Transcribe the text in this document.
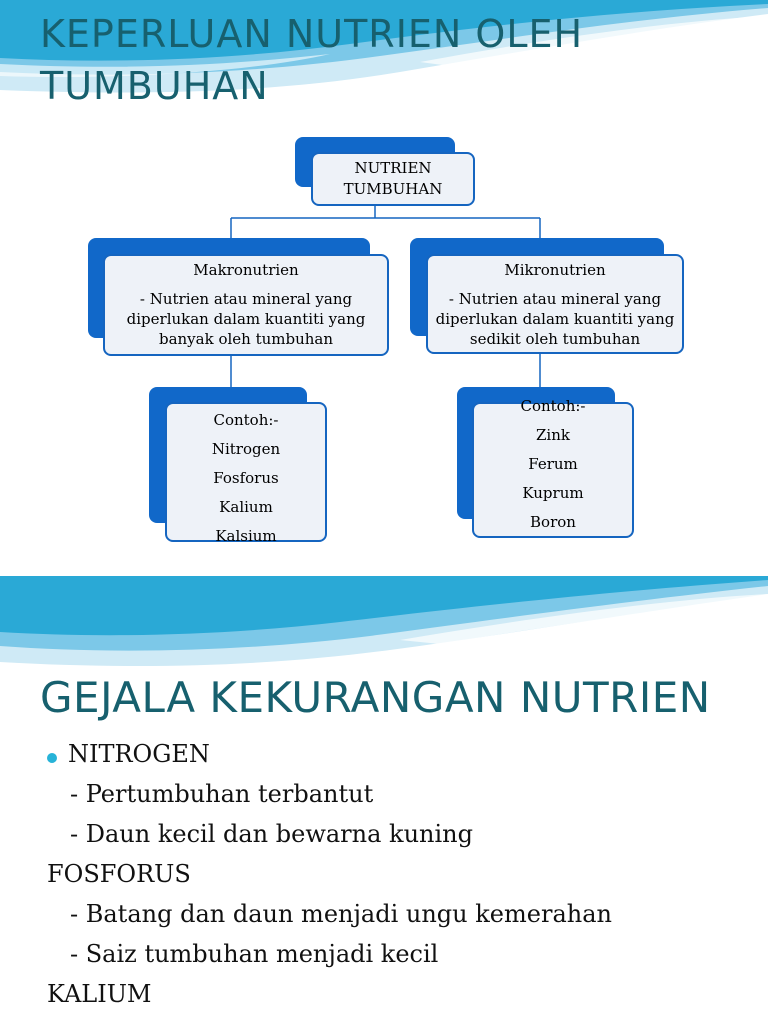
KEPERLUAN NUTRIEN OLEH TUMBUHAN
NUTRIEN
TUMBUHAN
Makronutrien
- Nutrien atau mineral yang diperlukan dalam kuantiti yang banyak oleh tumbuhan
Mikronutrien
- Nutrien atau mineral yang diperlukan dalam kuantiti yang sedikit oleh tumbuhan
Contoh:-
Nitrogen
Fosforus
Kalium
Kalsium
Contoh:-
Zink
Ferum
Kuprum
Boron
GEJALA KEKURANGAN NUTRIEN
NITROGEN
- Pertumbuhan terbantut
- Daun kecil dan bewarna kuning
FOSFORUS
- Batang dan daun menjadi ungu kemerahan
- Saiz tumbuhan menjadi kecil
KALIUM
